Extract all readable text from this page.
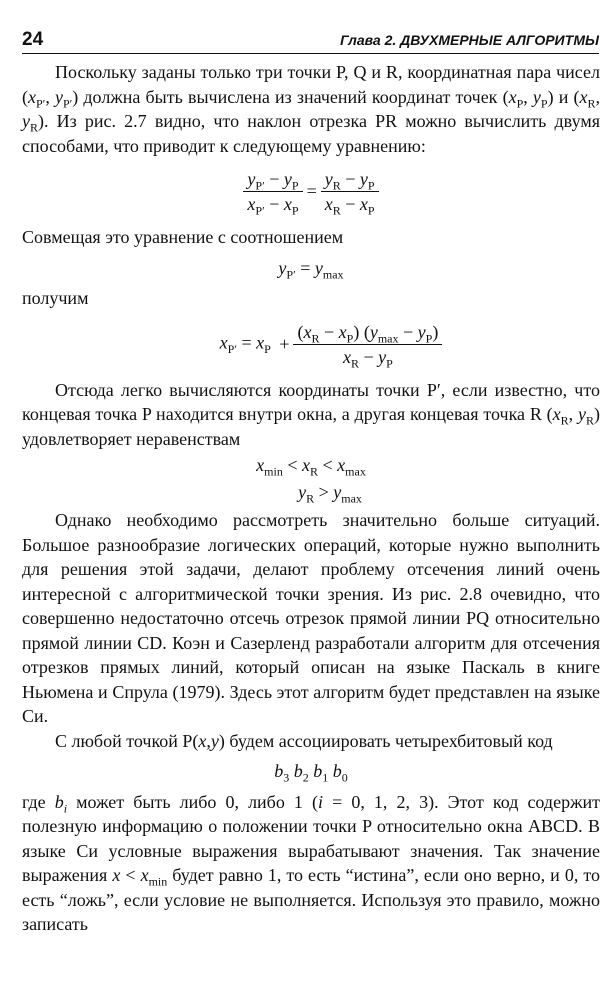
24	Глава 2. ДВУХМЕРНЫЕ АЛГОРИТМЫ

Поскольку заданы только три точки P, Q и R, координатная пара чисел ($x_{P'}$, $y_{P'}$) должна быть вычислена из значений координат точек ($x_P$, $y_P$) и ($x_R$, $y_R$). Из рис. 2.7 видно, что наклон отрезка PR можно вычислить двумя способами, что приводит к следующему уравнению:

$\frac{y_{P'} - y_P}{x_{P'} - x_P} = \frac{y_R - y_P}{x_R - x_P}$

Совмещая это уравнение с соотношением

$y_{P'} = y_{max}$

получим

$x_{P'} = x_P + \frac{(x_R - x_P) (y_{max} - y_P)}{x_R - y_P}$

Отсюда легко вычисляются координаты точки P′, если известно, что концевая точка P находится внутри окна, а другая концевая точка R ($x_R$, $y_R$) удовлетворяет неравенствам

$x_{min} < x_R < x_{max}$
$y_R > y_{max}$

Однако необходимо рассмотреть значительно больше ситуаций. Большое разнообразие логических операций, которые нужно выполнить для решения этой задачи, делают проблему отсечения линий очень интересной с алгоритмической точки зрения. Из рис. 2.8 очевидно, что совершенно недостаточно отсечь отрезок прямой линии PQ относительно прямой линии CD. Коэн и Сазерленд разработали алгоритм для отсечения отрезков прямых линий, который описан на языке Паскаль в книге Ньюмена и Спрула (1979). Здесь этот алгоритм будет представлен на языке Си.

С любой точкой P(x,y) будем ассоциировать четырехбитовый код

$b_3$ $b_2$ $b_1$ $b_0$

где $b_i$ может быть либо 0, либо 1 (i = 0, 1, 2, 3). Этот код содержит полезную информацию о положении точки P относительно окна ABCD. В языке Си условные выражения вырабатывают значения. Так значение выражения $x < x_{min}$ будет равно 1, то есть “истина”, если оно верно, и 0, то есть “ложь”, если условие не выполняется. Используя это правило, можно записать
